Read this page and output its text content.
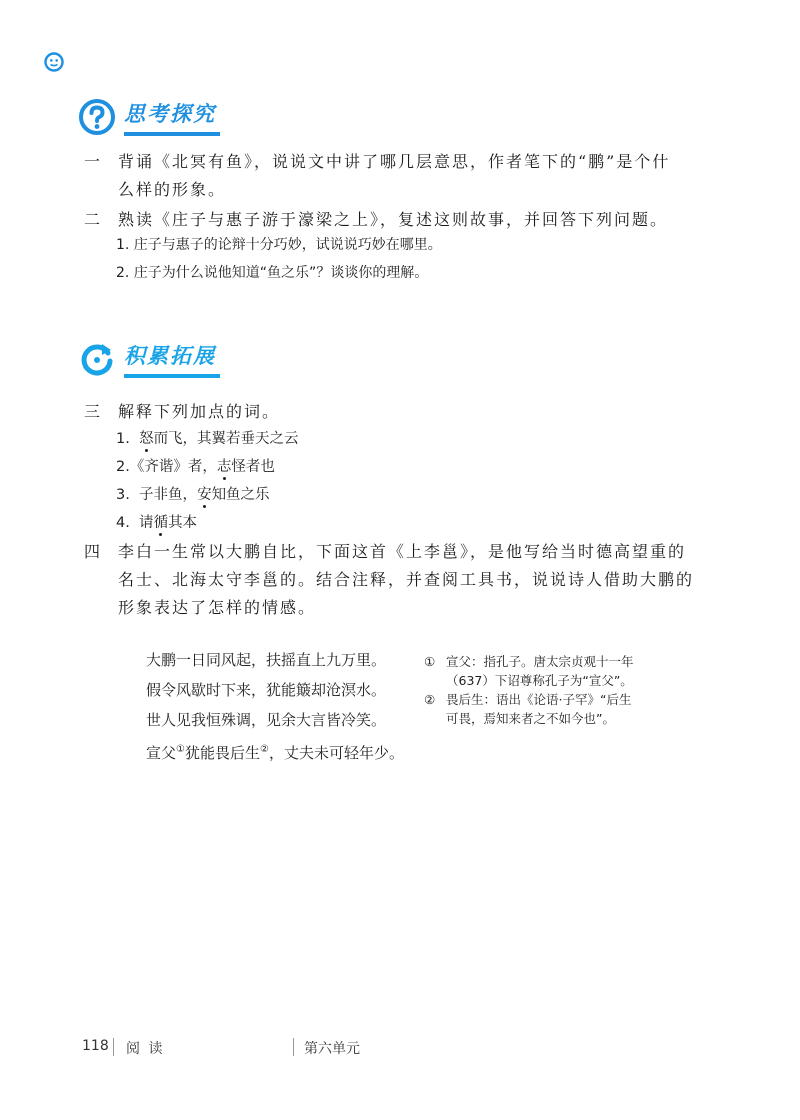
思考探究
一 背诵《北冥有鱼》，说说文中讲了哪几层意思，作者笔下的“鹏”是个什
么样的形象。
二 熟读《庄子与惠子游于濠梁之上》，复述这则故事，并回答下列问题。
1. 庄子与惠子的论辩十分巧妙，试说说巧妙在哪里。
2. 庄子为什么说他知道“鱼之乐”？谈谈你的理解。
积累拓展
三 解释下列加点的词。
1.  怒而飞，其翼若垂天之云
2.《齐谐》者，志怪者也
3.  子非鱼，安知鱼之乐
4.  请循其本
四 李白一生常以大鹏自比，下面这首《上李邕》，是他写给当时德高望重的
名士、北海太守李邕的。结合注释，并查阅工具书，说说诗人借助大鹏的
形象表达了怎样的情感。
大鹏一日同风起，扶摇直上九万里。
假令风歇时下来，犹能簸却沧溟水。
世人见我恒殊调，见余大言皆冷笑。
宣父①犹能畏后生②，丈夫未可轻年少。
① 宣父：指孔子。唐太宗贞观十一年
（637）下诏尊称孔子为“宣父”。
② 畏后生：语出《论语·子罕》“后生
可畏，焉知来者之不如今也”。
118 阅 读	第六单元
